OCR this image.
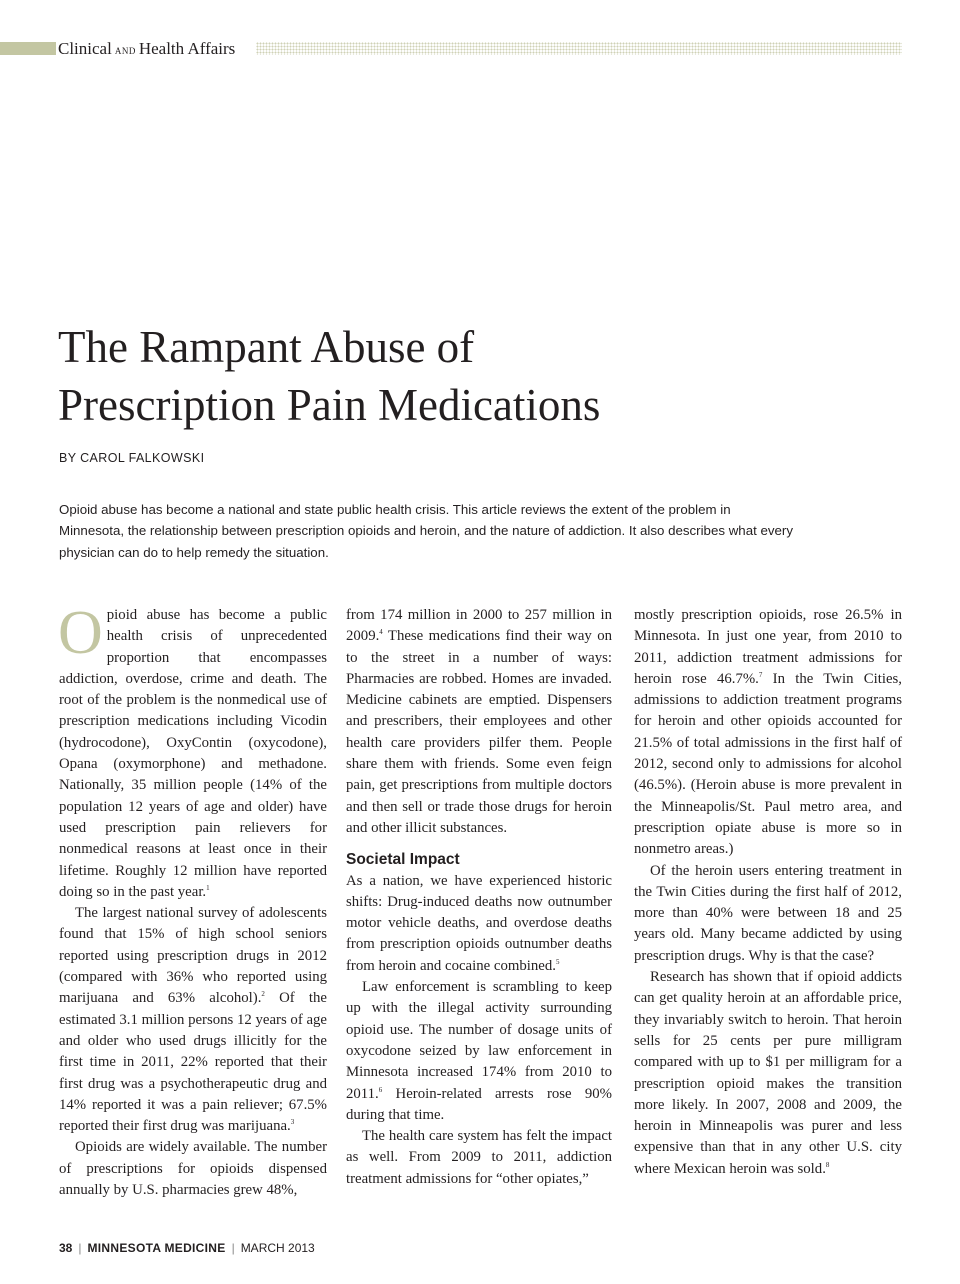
Clinical AND Health Affairs
The Rampant Abuse of
Prescription Pain Medications

BY CAROL FALKOWSKI

Opioid abuse has become a national and state public health crisis. This article reviews the extent of the problem in Minnesota, the relationship between prescription opioids and heroin, and the nature of addiction. It also describes what every physician can do to help remedy the situation.

Opioid abuse has become a public health crisis of unprecedented proportion that encompasses addiction, overdose, crime and death. The root of the problem is the nonmedical use of prescription medications including Vicodin (hydrocodone), OxyContin (oxycodone), Opana (oxymorphone) and methadone. Nationally, 35 million people (14% of the population 12 years of age and older) have used prescription pain relievers for nonmedical reasons at least once in their lifetime. Roughly 12 million have reported doing so in the past year.$^1$

The largest national survey of adolescents found that 15% of high school seniors reported using prescription drugs in 2012 (compared with 36% who reported using marijuana and 63% alcohol).$^2$ Of the estimated 3.1 million persons 12 years of age and older who used drugs illicitly for the first time in 2011, 22% reported that their first drug was a psychotherapeutic drug and 14% reported it was a pain reliever; 67.5% reported their first drug was marijuana.$^3$

Opioids are widely available. The number of prescriptions for opioids dispensed annually by U.S. pharmacies grew 48%,

from 174 million in 2000 to 257 million in 2009.$^4$ These medications find their way on to the street in a number of ways: Pharmacies are robbed. Homes are invaded. Medicine cabinets are emptied. Dispensers and prescribers, their employees and other health care providers pilfer them. People share them with friends. Some even feign pain, get prescriptions from multiple doctors and then sell or trade those drugs for heroin and other illicit substances.

Societal Impact

As a nation, we have experienced historic shifts: Drug-induced deaths now outnumber motor vehicle deaths, and overdose deaths from prescription opioids outnumber deaths from heroin and cocaine combined.$^5$

Law enforcement is scrambling to keep up with the illegal activity surrounding opioid use. The number of dosage units of oxycodone seized by law enforcement in Minnesota increased 174% from 2010 to 2011.$^6$ Heroin-related arrests rose 90% during that time.

The health care system has felt the impact as well. From 2009 to 2011, addiction treatment admissions for “other opiates,”

mostly prescription opioids, rose 26.5% in Minnesota. In just one year, from 2010 to 2011, addiction treatment admissions for heroin rose 46.7%.$^7$ In the Twin Cities, admissions to addiction treatment programs for heroin and other opioids accounted for 21.5% of total admissions in the first half of 2012, second only to admissions for alcohol (46.5%). (Heroin abuse is more prevalent in the Minneapolis/St. Paul metro area, and prescription opiate abuse is more so in nonmetro areas.)

Of the heroin users entering treatment in the Twin Cities during the first half of 2012, more than 40% were between 18 and 25 years old. Many became addicted by using prescription drugs. Why is that the case?

Research has shown that if opioid addicts can get quality heroin at an affordable price, they invariably switch to heroin. That heroin sells for 25 cents per pure milligram compared with up to $1 per milligram for a prescription opioid makes the transition more likely. In 2007, 2008 and 2009, the heroin in Minneapolis was purer and less expensive than that in any other U.S. city where Mexican heroin was sold.$^8$

38 | MINNESOTA MEDICINE | MARCH 2013
